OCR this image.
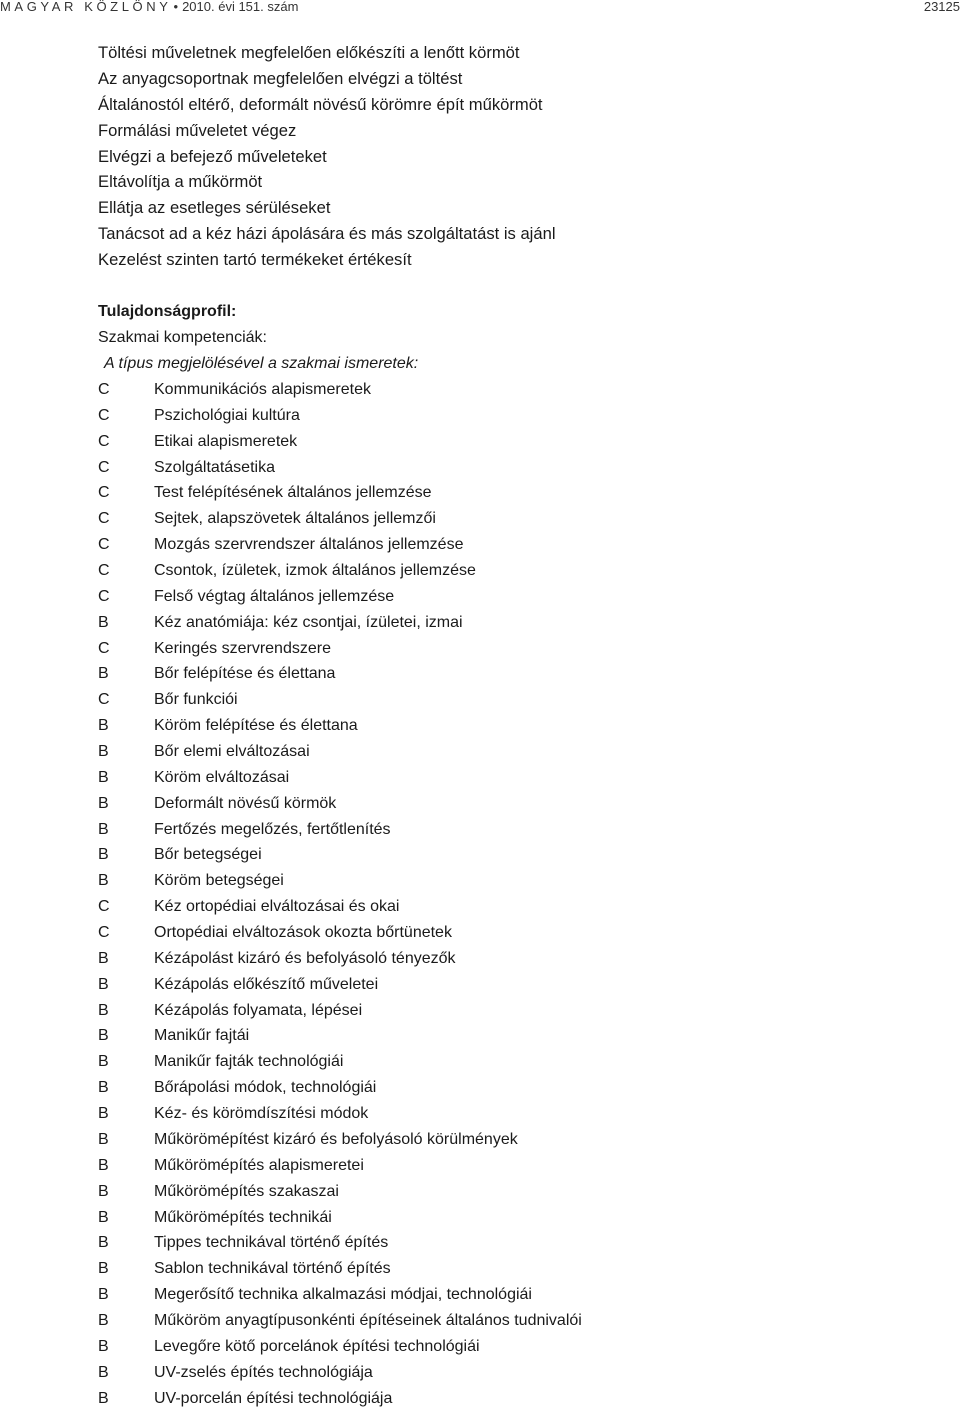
MAGYAR KÖZLÖNY • 2010. évi 151. szám	23125
Töltési műveletnek megfelelően előkészíti a lenőtt körmöt
Az anyagcsoportnak megfelelően elvégzi a töltést
Általánostól eltérő, deformált növésű körömre épít műkörmöt
Formálási műveletet végez
Elvégzi a befejező műveleteket
Eltávolítja a műkörmöt
Ellátja az esetleges sérüléseket
Tanácsot ad a kéz házi ápolására és más szolgáltatást is ajánl
Kezelést szinten tartó termékeket értékesít
Tulajdonságprofil:
Szakmai kompetenciák:
A típus megjelölésével a szakmai ismeretek:
C	Kommunikációs alapismeretek
C	Pszichológiai kultúra
C	Etikai alapismeretek
C	Szolgáltatásetika
C	Test felépítésének általános jellemzése
C	Sejtek, alapszövetek általános jellemzői
C	Mozgás szervrendszer általános jellemzése
C	Csontok, ízületek, izmok általános jellemzése
C	Felső végtag általános jellemzése
B	Kéz anatómiája: kéz csontjai, ízületei, izmai
C	Keringés szervrendszere
B	Bőr felépítése és élettana
C	Bőr funkciói
B	Köröm felépítése és élettana
B	Bőr elemi elváltozásai
B	Köröm elváltozásai
B	Deformált növésű körmök
B	Fertőzés megelőzés, fertőtlenítés
B	Bőr betegségei
B	Köröm betegségei
C	Kéz ortopédiai elváltozásai és okai
C	Ortopédiai elváltozások okozta bőrtünetek
B	Kézápolást kizáró és befolyásoló tényezők
B	Kézápolás előkészítő műveletei
B	Kézápolás folyamata, lépései
B	Manikűr fajtái
B	Manikűr fajták technológiái
B	Bőrápolási módok, technológiái
B	Kéz- és körömdíszítési módok
B	Műkörömépítést kizáró és befolyásoló körülmények
B	Műkörömépítés alapismeretei
B	Műkörömépítés szakaszai
B	Műkörömépítés technikái
B	Tippes technikával történő építés
B	Sablon technikával történő építés
B	Megerősítő technika alkalmazási módjai, technológiái
B	Műköröm anyagtípusonkénti építéseinek általános tudnivalói
B	Levegőre kötő porcelánok építési technológiái
B	UV-zselés építés technológiája
B	UV-porcelán építési technológiája
